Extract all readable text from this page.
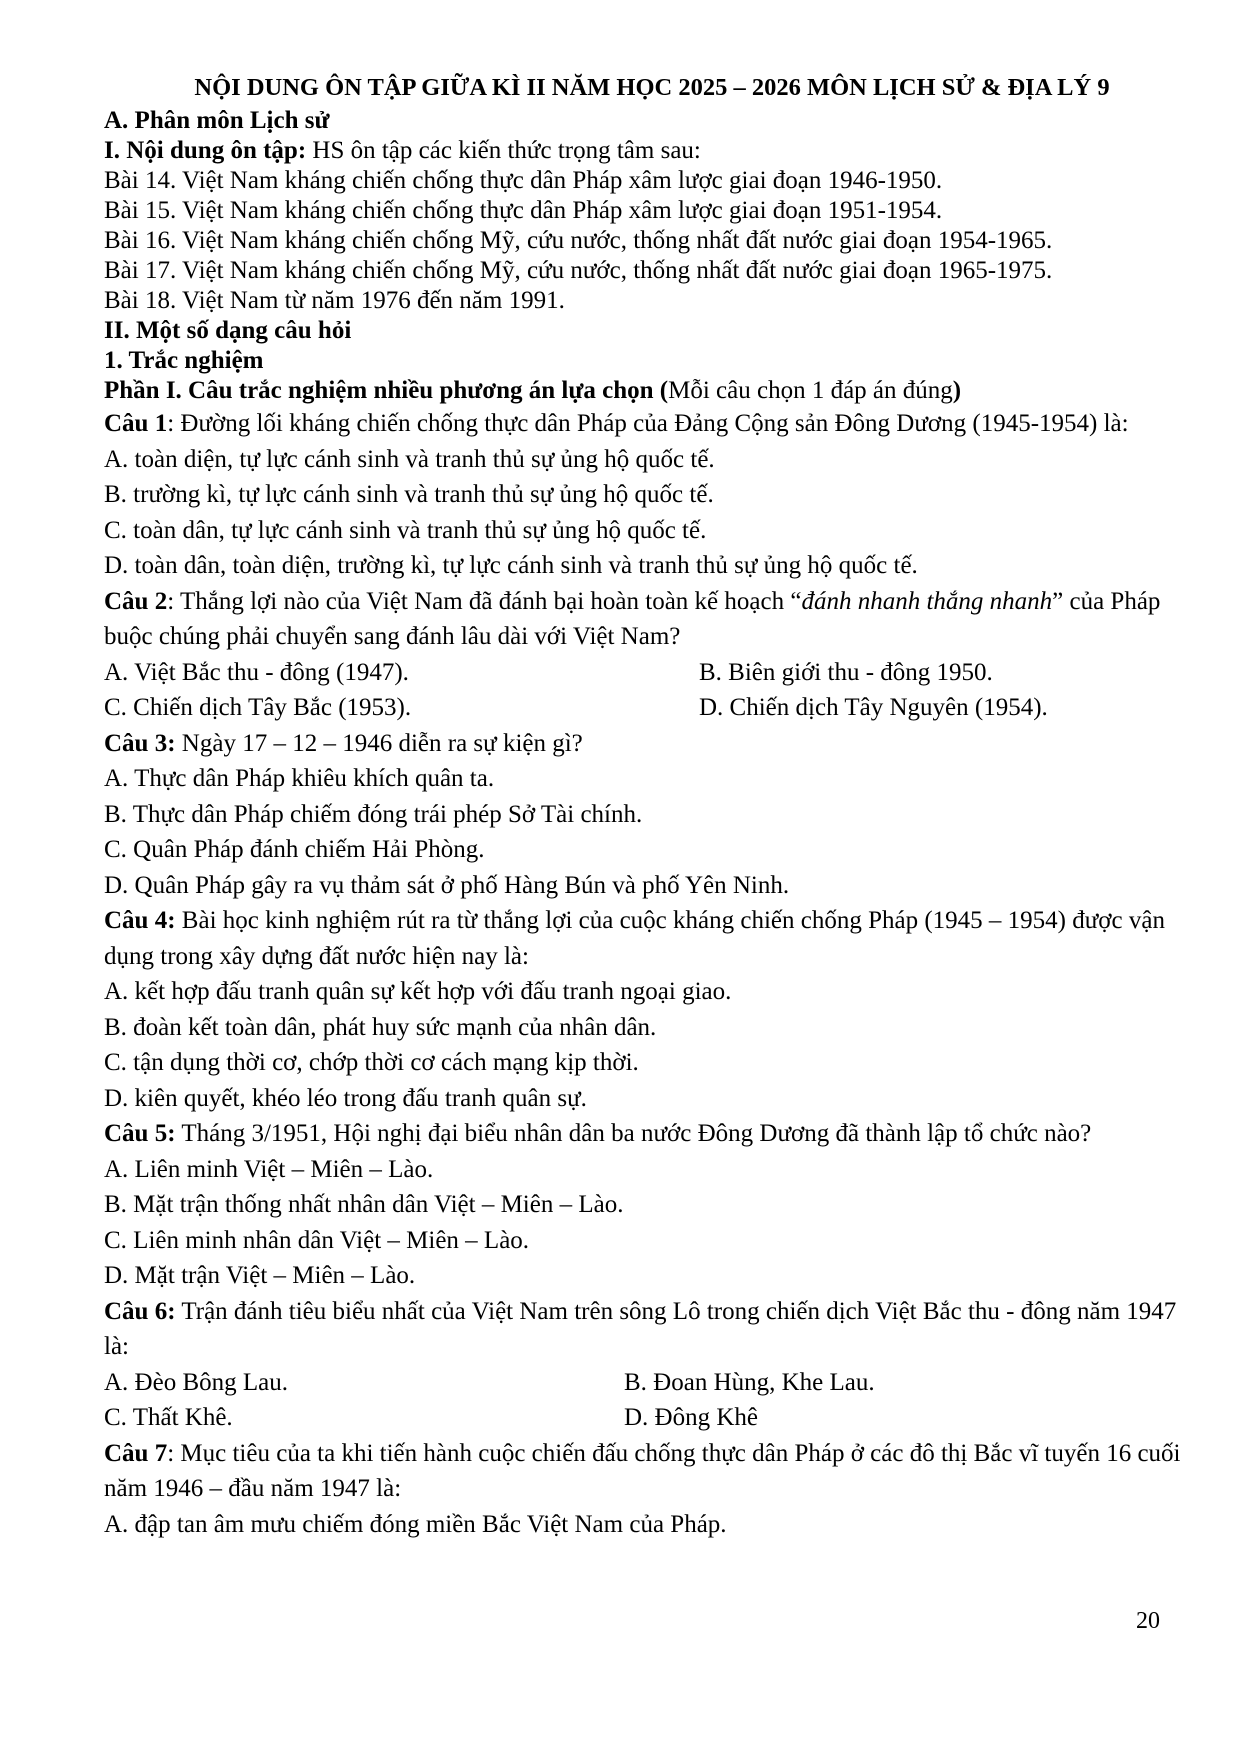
NỘI DUNG ÔN TẬP GIỮA KÌ II NĂM HỌC 2025 – 2026 MÔN LỊCH SỬ & ĐỊA LÝ 9
A. Phân môn Lịch sử
I. Nội dung ôn tập: HS ôn tập các kiến thức trọng tâm sau:
Bài 14. Việt Nam kháng chiến chống thực dân Pháp xâm lược giai đoạn 1946-1950.
Bài 15. Việt Nam kháng chiến chống thực dân Pháp xâm lược giai đoạn 1951-1954.
Bài 16. Việt Nam kháng chiến chống Mỹ, cứu nước, thống nhất đất nước giai đoạn 1954-1965.
Bài 17. Việt Nam kháng chiến chống Mỹ, cứu nước, thống nhất đất nước giai đoạn 1965-1975.
Bài 18. Việt Nam từ năm 1976 đến năm 1991.
II. Một số dạng câu hỏi
1. Trắc nghiệm
Phần I. Câu trắc nghiệm nhiều phương án lựa chọn (Mỗi câu chọn 1 đáp án đúng)
Câu 1: Đường lối kháng chiến chống thực dân Pháp của Đảng Cộng sản Đông Dương (1945-1954) là:
A. toàn diện, tự lực cánh sinh và tranh thủ sự ủng hộ quốc tế.
B. trường kì, tự lực cánh sinh và tranh thủ sự ủng hộ quốc tế.
C. toàn dân, tự lực cánh sinh và tranh thủ sự ủng hộ quốc tế.
D. toàn dân, toàn diện, trường kì, tự lực cánh sinh và tranh thủ sự ủng hộ quốc tế.
Câu 2: Thắng lợi nào của Việt Nam đã đánh bại hoàn toàn kế hoạch “đánh nhanh thắng nhanh” của Pháp buộc chúng phải chuyển sang đánh lâu dài với Việt Nam?
A. Việt Bắc thu - đông (1947).	B. Biên giới thu - đông 1950.
C. Chiến dịch Tây Bắc (1953).	D. Chiến dịch Tây Nguyên (1954).
Câu 3: Ngày 17 – 12 – 1946 diễn ra sự kiện gì?
A. Thực dân Pháp khiêu khích quân ta.
B. Thực dân Pháp chiếm đóng trái phép Sở Tài chính.
C. Quân Pháp đánh chiếm Hải Phòng.
D. Quân Pháp gây ra vụ thảm sát ở phố Hàng Bún và phố Yên Ninh.
Câu 4: Bài học kinh nghiệm rút ra từ thắng lợi của cuộc kháng chiến chống Pháp (1945 – 1954) được vận dụng trong xây dựng đất nước hiện nay là:
A. kết hợp đấu tranh quân sự kết hợp với đấu tranh ngoại giao.
B. đoàn kết toàn dân, phát huy sức mạnh của nhân dân.
C. tận dụng thời cơ, chớp thời cơ cách mạng kịp thời.
D. kiên quyết, khéo léo trong đấu tranh quân sự.
Câu 5: Tháng 3/1951, Hội nghị đại biểu nhân dân ba nước Đông Dương đã thành lập tổ chức nào?
A. Liên minh Việt – Miên – Lào.
B. Mặt trận thống nhất nhân dân Việt – Miên – Lào.
C. Liên minh nhân dân Việt – Miên – Lào.
D. Mặt trận Việt – Miên – Lào.
Câu 6: Trận đánh tiêu biểu nhất của Việt Nam trên sông Lô trong chiến dịch Việt Bắc thu - đông năm 1947 là:
A. Đèo Bông Lau.	B. Đoan Hùng, Khe Lau.
C. Thất Khê.	D. Đông Khê
Câu 7: Mục tiêu của ta khi tiến hành cuộc chiến đấu chống thực dân Pháp ở các đô thị Bắc vĩ tuyến 16 cuối năm 1946 – đầu năm 1947 là:
A. đập tan âm mưu chiếm đóng miền Bắc Việt Nam của Pháp.
20
